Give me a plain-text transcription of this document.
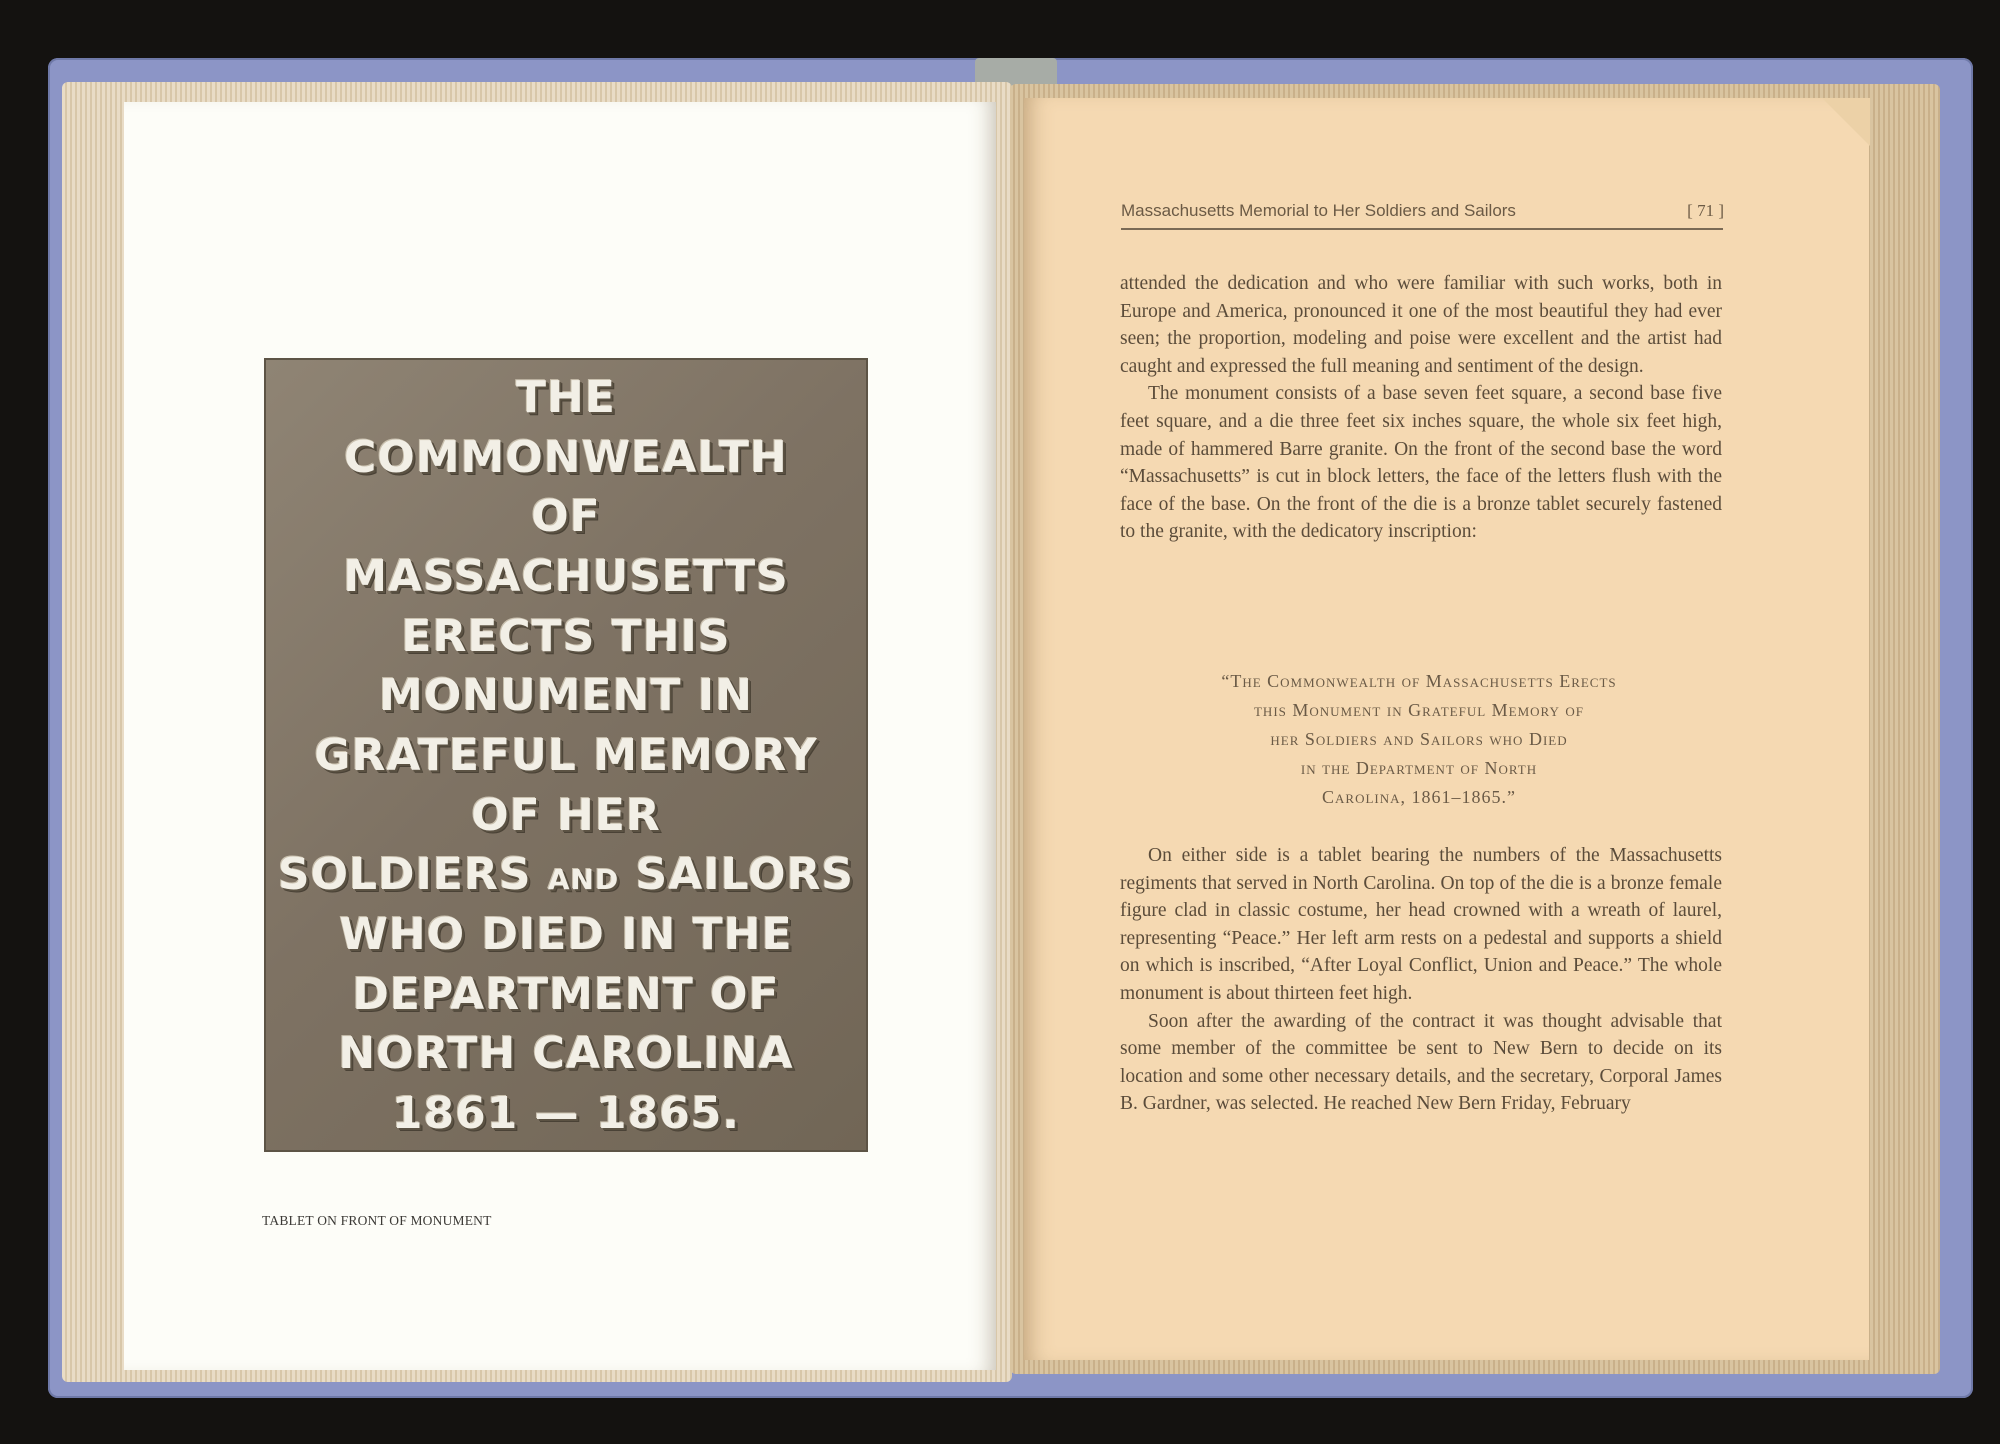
THE
COMMONWEALTH
OF
MASSACHUSETTS
ERECTS THIS
MONUMENT IN
GRATEFUL MEMORY
OF HER
SOLDIERS AND SAILORS
WHO DIED IN THE
DEPARTMENT OF
NORTH CAROLINA
1861 — 1865.
TABLET ON FRONT OF MONUMENT
Massachusetts Memorial to Her Soldiers and Sailors	[ 71 ]

attended the dedication and who were familiar with such works, both in Europe and America, pronounced it one of the most beautiful they had ever seen; the proportion, modeling and poise were excellent and the artist had caught and expressed the full meaning and sentiment of the design.

The monument consists of a base seven feet square, a second base five feet square, and a die three feet six inches square, the whole six feet high, made of hammered Barre granite. On the front of the second base the word “Massachusetts” is cut in block letters, the face of the letters flush with the face of the base. On the front of the die is a bronze tablet securely fastened to the granite, with the dedicatory inscription:

“The Commonwealth of Massachusetts Erects
this Monument in Grateful Memory of
her Soldiers and Sailors who Died
in the Department of North
Carolina, 1861–1865.”

On either side is a tablet bearing the numbers of the Massachusetts regiments that served in North Carolina. On top of the die is a bronze female figure clad in classic costume, her head crowned with a wreath of laurel, representing “Peace.” Her left arm rests on a pedestal and supports a shield on which is inscribed, “After Loyal Conflict, Union and Peace.” The whole monument is about thirteen feet high.

Soon after the awarding of the contract it was thought advisable that some member of the committee be sent to New Bern to decide on its location and some other necessary details, and the secretary, Corporal James B. Gardner, was selected. He reached New Bern Friday, February
